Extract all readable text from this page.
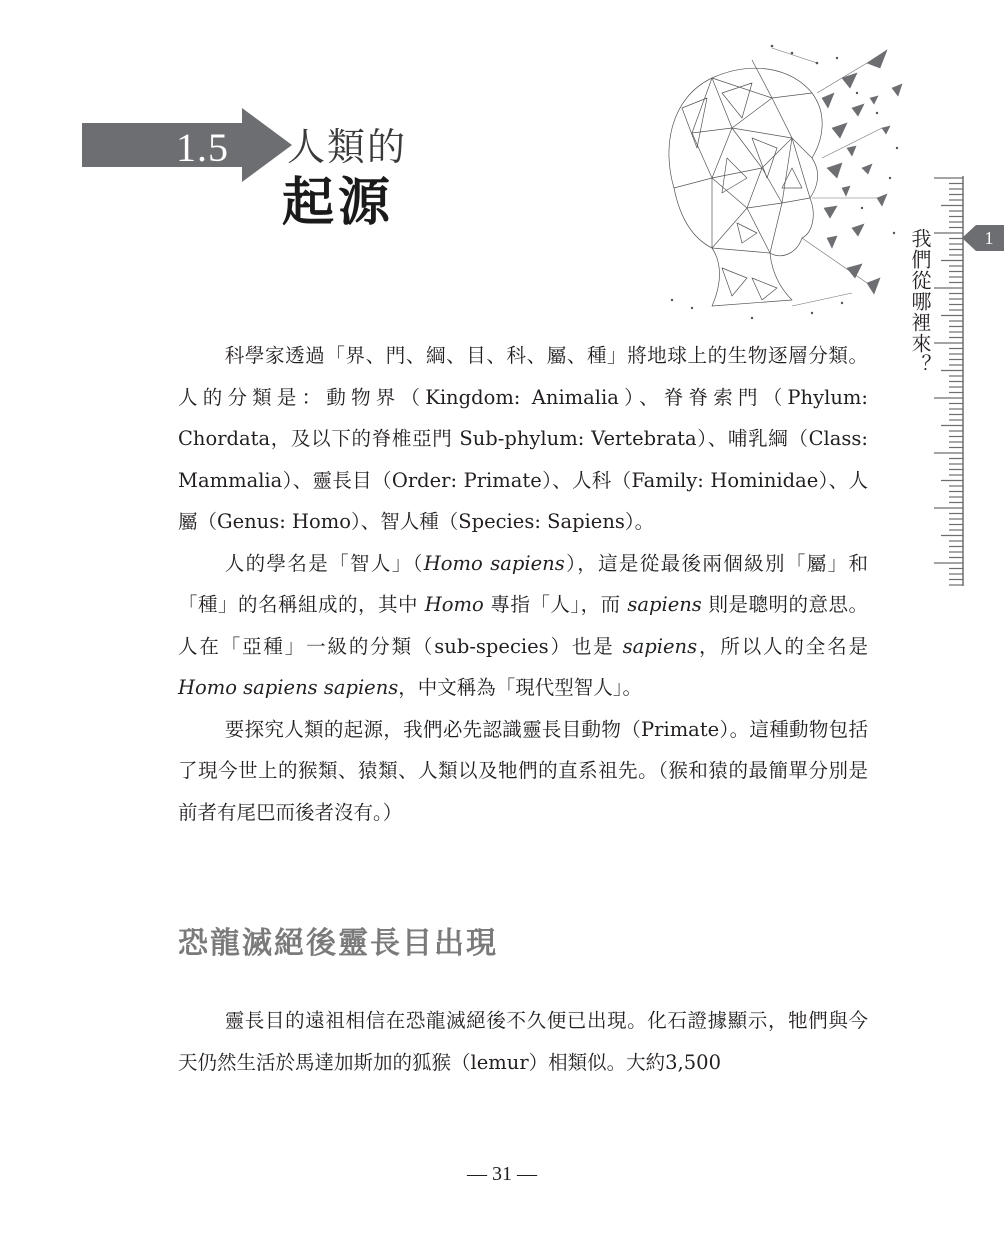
1.5 人類的
起源
1
我們從哪裡來？

科學家透過「界、門、綱、目、科、屬、種」將地球上的生物逐層分類。人的分類是：動物界（Kingdom: Animalia）、脊脊索門（Phylum: Chordata，及以下的脊椎亞門 Sub-phylum: Vertebrata）、哺乳綱（Class: Mammalia）、靈長目（Order: Primate）、人科（Family: Hominidae）、人屬（Genus: Homo）、智人種（Species: Sapiens）。

人的學名是「智人」（Homo sapiens），這是從最後兩個級別「屬」和「種」的名稱組成的，其中 Homo 專指「人」，而 sapiens 則是聰明的意思。人在「亞種」一級的分類（sub-species）也是 sapiens，所以人的全名是 Homo sapiens sapiens，中文稱為「現代型智人」。

要探究人類的起源，我們必先認識靈長目動物（Primate）。這種動物包括了現今世上的猴類、猿類、人類以及牠們的直系祖先。（猴和猿的最簡單分別是前者有尾巴而後者沒有。）

恐龍滅絕後靈長目出現

靈長目的遠祖相信在恐龍滅絕後不久便已出現。化石證據顯示，牠們與今天仍然生活於馬達加斯加的狐猴（lemur）相類似。大約3,500

— 31 —
